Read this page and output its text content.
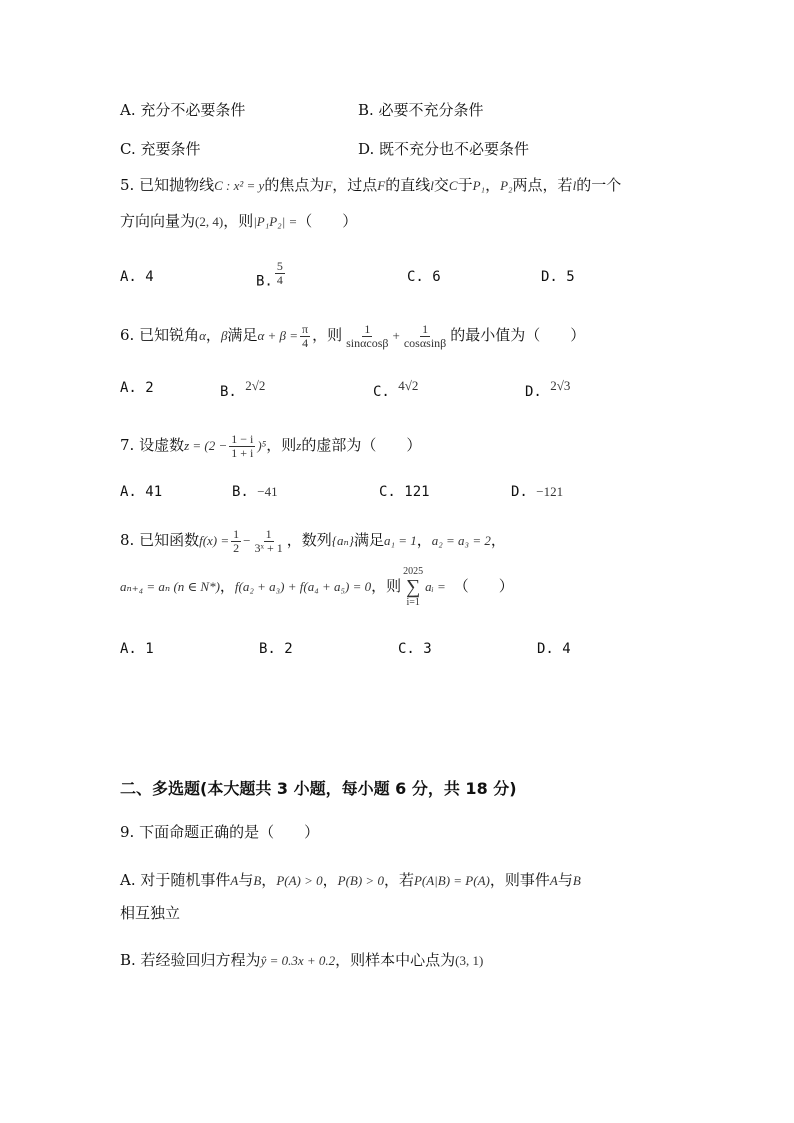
A. 充分不必要条件	B. 必要不充分条件
C. 充要条件	D. 既不充分也不必要条件
5. 已知抛物线C : x² = y的焦点为F，过点F的直线l交C于P₁，P₂两点，若l的一个
方向向量为(2, 4)，则|P₁P₂| =（　　）
A. 4	B. $\frac{5}{4}$	C. 6	D. 5
6. 已知锐角α，β满足$\alpha + \beta = \frac{\pi}{4}$ ，则 $\frac{1}{\sin\alpha\cos\beta} + \frac{1}{\cos\alpha\sin\beta}$ 的最小值为（　　）
A. 2	B. 2√2	C. 4√2	D. 2√3
7. 设虚数$z = (2 - \frac{1 - i}{1 + i} )^5$，则z的虚部为（　　）
A. 41	B. −41	C. 121	D. −121
8. 已知函数$f(x) = \frac{1}{2} - \frac{1}{\text{3ˣ + 1}}$ ，数列{aₙ}满足a₁ = 1，a₂ = a₃ = 2，
aₙ₊₄ = aₙ (n ∈ N*)，f(a₂ + a₃) + f(a₄ + a₅) = 0，则
2025
∑
i=1
aᵢ = （　　）
A. 1	B. 2	C. 3	D. 4
二、多选题(本大题共 3 小题，每小题 6 分，共 18 分)
9. 下面命题正确的是（　　）
A. 对于随机事件A与B，P(A) > 0，P(B) > 0，若P(A|B) = P(A)，则事件A与B
相互独立
B. 若经验回归方程为ŷ = 0.3x + 0.2，则样本中心点为(3, 1)
